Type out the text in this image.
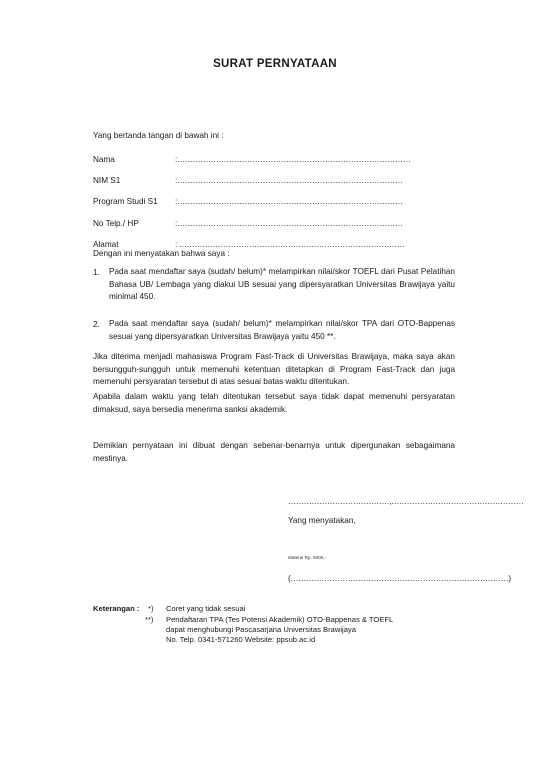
SURAT PERNYATAAN
Yang bertanda tangan di bawah ini :
Nama	:………………………………………………………………………………
NIM S1	:……………………………………………………………………………
Program Studi S1 :……………………………………………………………………………
No Telp./ HP	:……………………………………………………………………………
Alamat	: ……………………………………………………………………………
Dengan ini menyatakan bahwa saya :
1. Pada saat mendaftar saya (sudah/ belum)* melampirkan nilai/skor TOEFL dari Pusat Pelatihan Bahasa UB/ Lembaga yang diakui UB sesuai yang dipersyaratkan Universitas Brawijaya yaitu minimal 450.
2. Pada saat mendaftar saya (sudah/ belum)* melampirkan nilai/skor TPA dari OTO-Bappenas sesuai yang dipersyaratkan Universitas Brawijaya yaitu 450 **.
Jika diterima menjadi mahasiswa Program Fast-Track di Universitas Brawijaya, maka saya akan bersungguh-sungguh untuk memenuhi ketentuan ditetapkan di Program Fast-Track dan juga memenuhi persyaratan tersebut di atas sesuai batas waktu ditentukan.
Apabila dalam waktu yang telah ditentukan tersebut saya tidak dapat memenuhi persyaratan dimaksud, saya bersedia menerima sanksi akademik.
Demikian pernyataan ini dibuat dengan sebenar-benarnya untuk dipergunakan sebagaimana mestinya.
…………………………………,……………………………………………
Yang menyatakan,
Materai Rp. 6000,-
(…………………………………………………………………………)
Keterangan : *) Coret yang tidak sesuai
**) Pendaftaran TPA (Tes Potensi Akademik) OTO-Bappenas & TOEFL
dapat menghubungi Pascasarjana Universitas Brawijaya
No. Telp. 0341-571260 Website: ppsub.ac.id
